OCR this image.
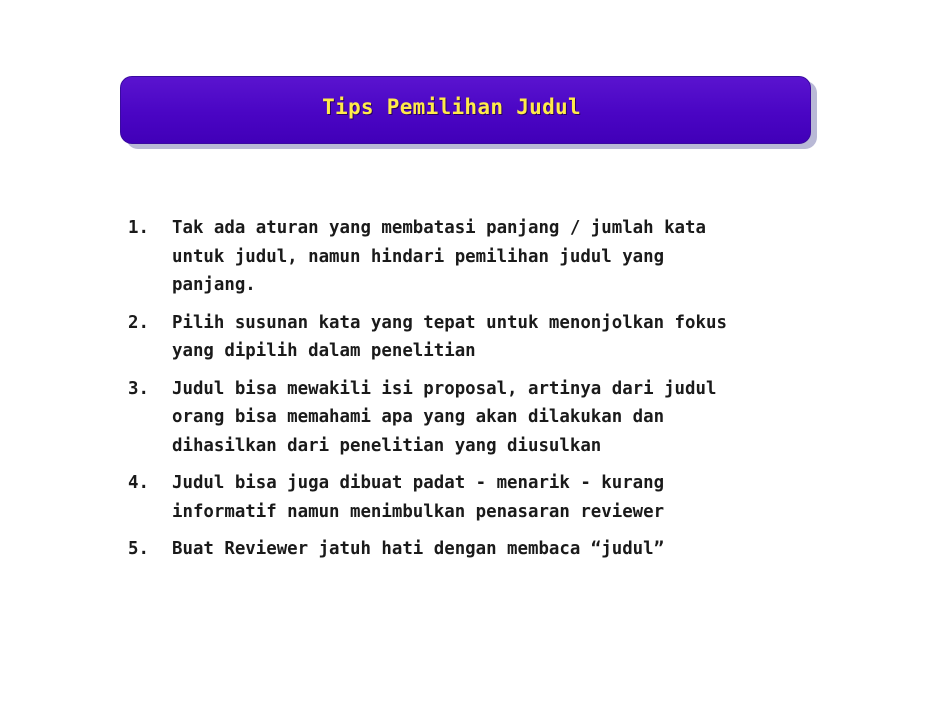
Tips Pemilihan Judul
1.	Tak ada aturan yang membatasi panjang / jumlah kata
untuk judul, namun hindari pemilihan judul yang
panjang.
2.	Pilih susunan kata yang tepat untuk menonjolkan fokus
yang dipilih dalam penelitian
3.	Judul bisa mewakili isi proposal, artinya dari judul
orang bisa memahami apa yang akan dilakukan dan
dihasilkan dari penelitian yang diusulkan
4.	Judul bisa juga dibuat padat - menarik - kurang
informatif namun menimbulkan penasaran reviewer
5.	Buat Reviewer jatuh hati dengan membaca “judul”
